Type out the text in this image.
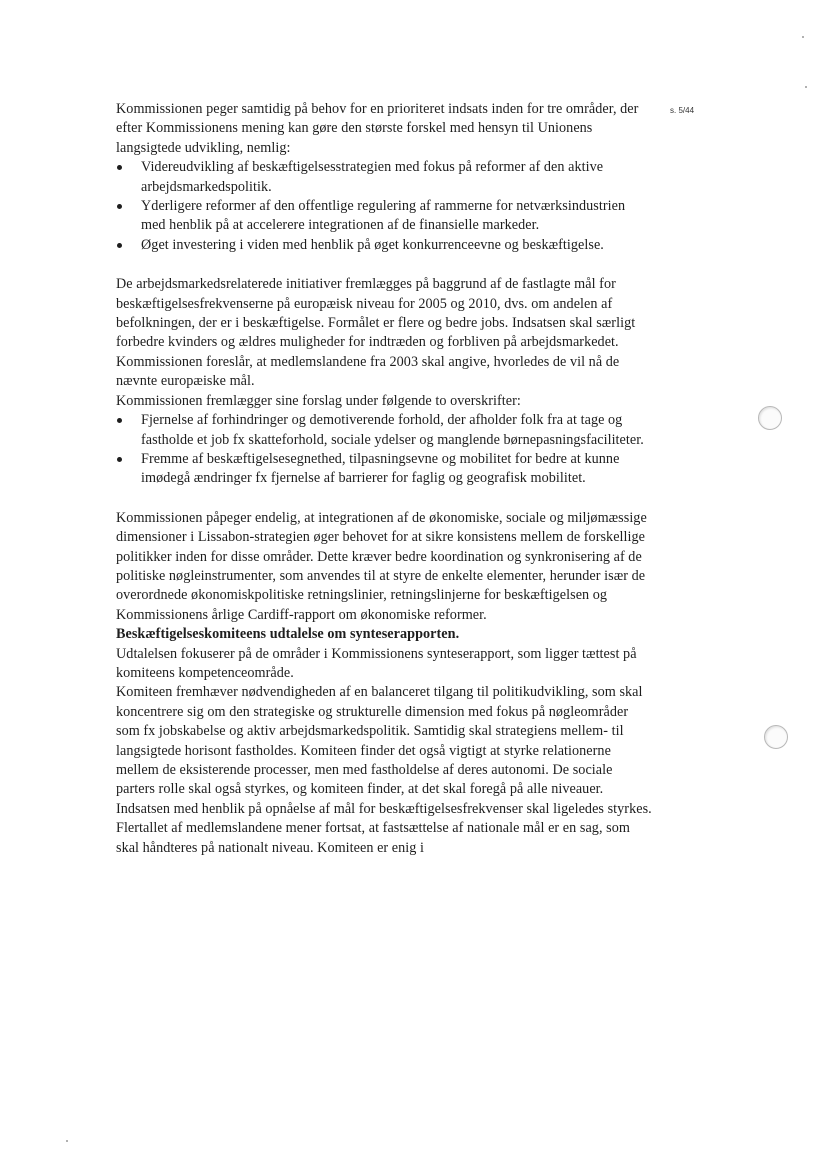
s. 5/44

Kommissionen peger samtidig på behov for en prioriteret indsats inden for tre områder, der efter Kommissionens mening kan gøre den største forskel med hensyn til Unionens langsigtede udvikling, nemlig:

Videreudvikling af beskæftigelsesstrategien med fokus på reformer af den aktive arbejdsmarkedspolitik.
Yderligere reformer af den offentlige regulering af rammerne for netværksindustrien med henblik på at accelerere integrationen af de finansielle markeder.
Øget investering i viden med henblik på øget konkurrenceevne og beskæftigelse.

De arbejdsmarkedsrelaterede initiativer fremlægges på baggrund af de fastlagte mål for beskæftigelsesfrekvenserne på europæisk niveau for 2005 og 2010, dvs. om andelen af befolkningen, der er i beskæftigelse. Formålet er flere og bedre jobs. Indsatsen skal særligt forbedre kvinders og ældres muligheder for indtræden og forbliven på arbejdsmarkedet. Kommissionen foreslår, at medlemslandene fra 2003 skal angive, hvorledes de vil nå de nævnte europæiske mål.

Kommissionen fremlægger sine forslag under følgende to overskrifter:

Fjernelse af forhindringer og demotiverende forhold, der afholder folk fra at tage og fastholde et job fx skatteforhold, sociale ydelser og manglende børnepasningsfaciliteter.
Fremme af beskæftigelsesegnethed, tilpasningsevne og mobilitet for bedre at kunne imødegå ændringer fx fjernelse af barrierer for faglig og geografisk mobilitet.

Kommissionen påpeger endelig, at integrationen af de økonomiske, sociale og miljømæssige dimensioner i Lissabon-strategien øger behovet for at sikre konsistens mellem de forskellige politikker inden for disse områder. Dette kræver bedre koordination og synkronisering af de politiske nøgleinstrumenter, som anvendes til at styre de enkelte elementer, herunder især de overordnede økonomiskpolitiske retningslinier, retningslinjerne for beskæftigelsen og Kommissionens årlige Cardiff-rapport om økonomiske reformer.

Beskæftigelseskomiteens udtalelse om synteserapporten.

Udtalelsen fokuserer på de områder i Kommissionens synteserapport, som ligger tættest på komiteens kompetenceområde.

Komiteen fremhæver nødvendigheden af en balanceret tilgang til politikudvikling, som skal koncentrere sig om den strategiske og strukturelle dimension med fokus på nøgleområder som fx jobskabelse og aktiv arbejdsmarkedspolitik. Samtidig skal strategiens mellem- til langsigtede horisont fastholdes. Komiteen finder det også vigtigt at styrke relationerne mellem de eksisterende processer, men med fastholdelse af deres autonomi. De sociale parters rolle skal også styrkes, og komiteen finder, at det skal foregå på alle niveauer.

Indsatsen med henblik på opnåelse af mål for beskæftigelsesfrekvenser skal ligeledes styrkes. Flertallet af medlemslandene mener fortsat, at fastsættelse af nationale mål er en sag, som skal håndteres på nationalt niveau. Komiteen er enig i
